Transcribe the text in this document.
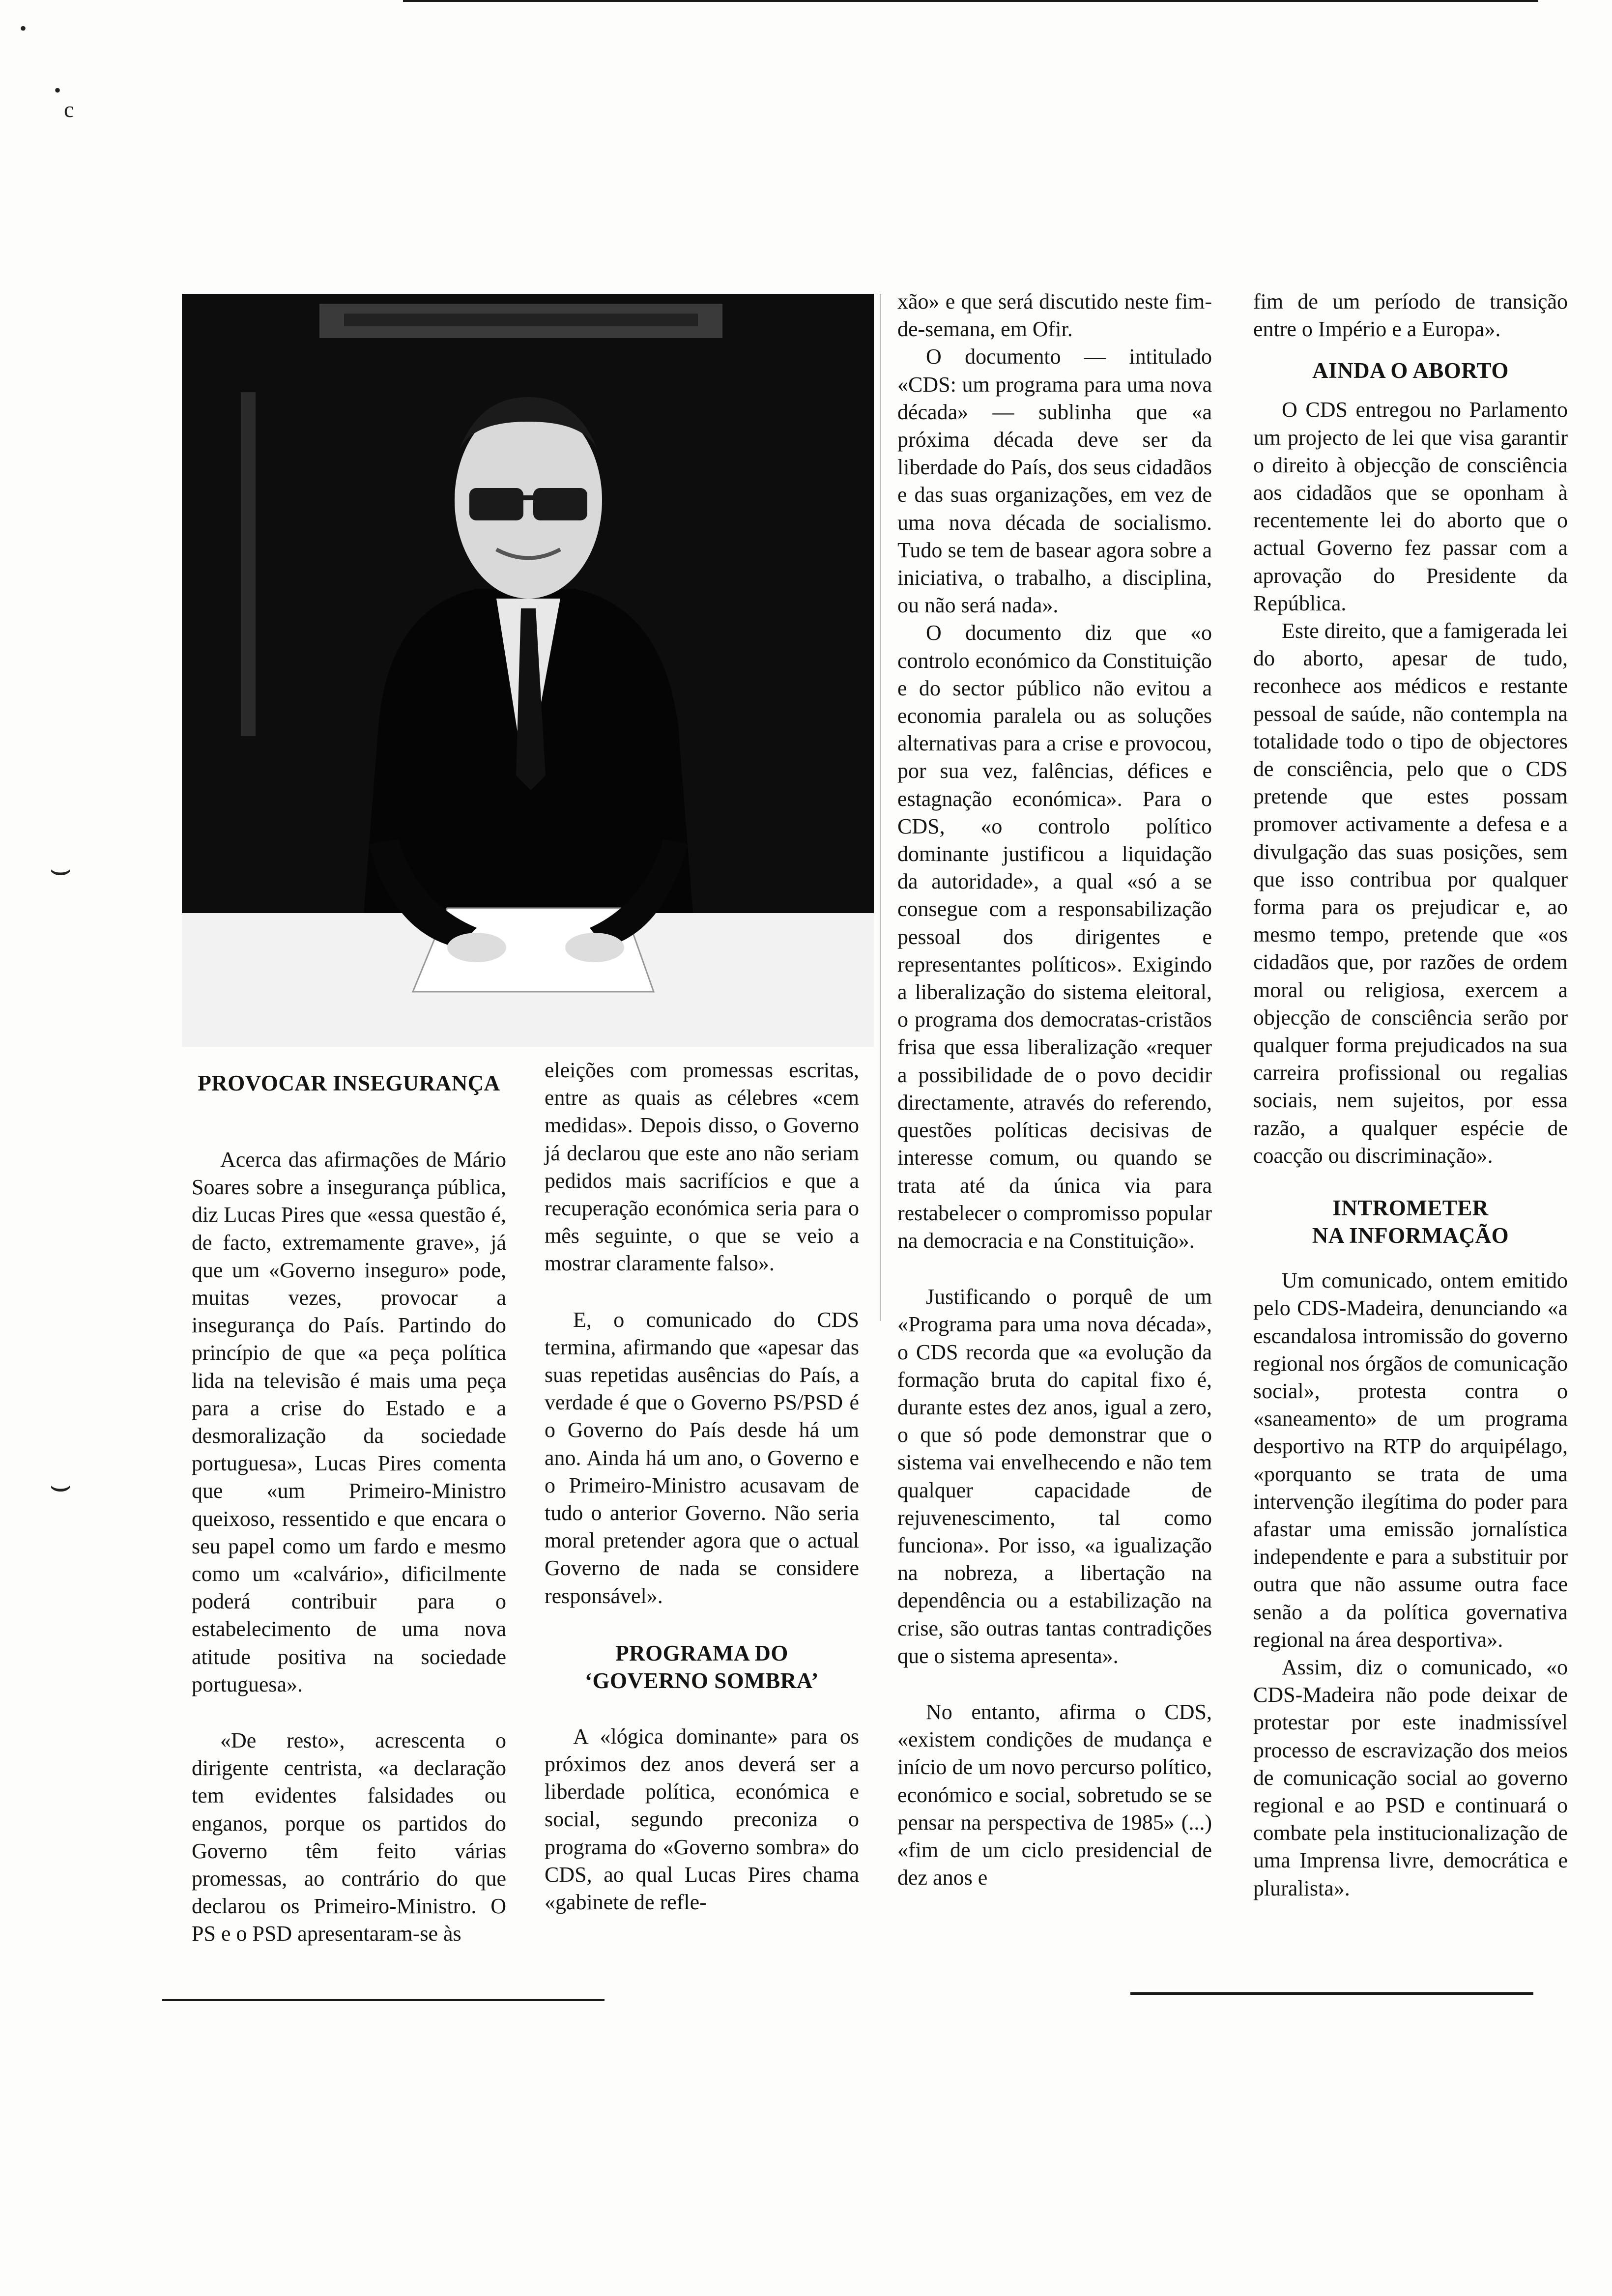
•
•
c
⌣
⌣
PROVOCAR INSEGURANÇA

Acerca das afirmações de Mário Soares sobre a insegurança pública, diz Lucas Pires que «essa questão é, de facto, extremamente grave», já que um «Governo inseguro» pode, muitas vezes, provocar a insegurança do País. Partindo do princípio de que «a peça política lida na televisão é mais uma peça para a crise do Estado e a desmoralização da sociedade portuguesa», Lucas Pires comenta que «um Primeiro-Ministro queixoso, ressentido e que encara o seu papel como um fardo e mesmo como um «calvário», dificilmente poderá contribuir para o estabelecimento de uma nova atitude positiva na sociedade portuguesa».

«De resto», acrescenta o dirigente centrista, «a declaração tem evidentes falsidades ou enganos, porque os partidos do Governo têm feito várias promessas, ao contrário do que declarou os Primeiro-Ministro. O PS e o PSD apresentaram-se às

eleições com promessas escritas, entre as quais as célebres «cem medidas». Depois disso, o Governo já declarou que este ano não seriam pedidos mais sacrifícios e que a recuperação económica seria para o mês seguinte, o que se veio a mostrar claramente falso».

E, o comunicado do CDS termina, afirmando que «apesar das suas repetidas ausências do País, a verdade é que o Governo PS/PSD é o Governo do País desde há um ano. Ainda há um ano, o Governo e o Primeiro-Ministro acusavam de tudo o anterior Governo. Não seria moral pretender agora que o actual Governo de nada se considere responsável».

PROGRAMA DO
‘GOVERNO SOMBRA’

A «lógica dominante» para os próximos dez anos deverá ser a liberdade política, económica e social, segundo preconiza o programa do «Governo sombra» do CDS, ao qual Lucas Pires chama «gabinete de refle-

xão» e que será discutido neste fim-de-semana, em Ofir.

O documento — intitulado «CDS: um programa para uma nova década» — sublinha que «a próxima década deve ser da liberdade do País, dos seus cidadãos e das suas organizações, em vez de uma nova década de socialismo. Tudo se tem de basear agora sobre a iniciativa, o trabalho, a disciplina, ou não será nada».

O documento diz que «o controlo económico da Constituição e do sector público não evitou a economia paralela ou as soluções alternativas para a crise e provocou, por sua vez, falências, défices e estagnação económica». Para o CDS, «o controlo político dominante justificou a liquidação da autoridade», a qual «só a se consegue com a responsabilização pessoal dos dirigentes e representantes políticos». Exigindo a liberalização do sistema eleitoral, o programa dos democratas-cristãos frisa que essa liberalização «requer a possibilidade de o povo decidir directamente, através do referendo, questões políticas decisivas de interesse comum, ou quando se trata até da única via para restabelecer o compromisso popular na democracia e na Constituição».

Justificando o porquê de um «Programa para uma nova década», o CDS recorda que «a evolução da formação bruta do capital fixo é, durante estes dez anos, igual a zero, o que só pode demonstrar que o sistema vai envelhecendo e não tem qualquer capacidade de rejuvenescimento, tal como funciona». Por isso, «a igualização na nobreza, a libertação na dependência ou a estabilização na crise, são outras tantas contradições que o sistema apresenta».

No entanto, afirma o CDS, «existem condições de mudança e início de um novo percurso político, económico e social, sobretudo se se pensar na perspectiva de 1985» (...) «fim de um ciclo presidencial de dez anos e

fim de um período de transição entre o Império e a Europa».

AINDA O ABORTO

O CDS entregou no Parlamento um projecto de lei que visa garantir o direito à objecção de consciência aos cidadãos que se oponham à recentemente lei do aborto que o actual Governo fez passar com a aprovação do Presidente da República.

Este direito, que a famigerada lei do aborto, apesar de tudo, reconhece aos médicos e restante pessoal de saúde, não contempla na totalidade todo o tipo de objectores de consciência, pelo que o CDS pretende que estes possam promover activamente a defesa e a divulgação das suas posições, sem que isso contribua por qualquer forma para os prejudicar e, ao mesmo tempo, pretende que «os cidadãos que, por razões de ordem moral ou religiosa, exercem a objecção de consciência serão por qualquer forma prejudicados na sua carreira profissional ou regalias sociais, nem sujeitos, por essa razão, a qualquer espécie de coacção ou discriminação».

INTROMETER
NA INFORMAÇÃO

Um comunicado, ontem emitido pelo CDS-Madeira, denunciando «a escandalosa intromissão do governo regional nos órgãos de comunicação social», protesta contra o «saneamento» de um programa desportivo na RTP do arquipélago, «porquanto se trata de uma intervenção ilegítima do poder para afastar uma emissão jornalística independente e para a substituir por outra que não assume outra face senão a da política governativa regional na área desportiva».

Assim, diz o comunicado, «o CDS-Madeira não pode deixar de protestar por este inadmissível processo de escravização dos meios de comunicação social ao governo regional e ao PSD e continuará o combate pela institucionalização de uma Imprensa livre, democrática e pluralista».
